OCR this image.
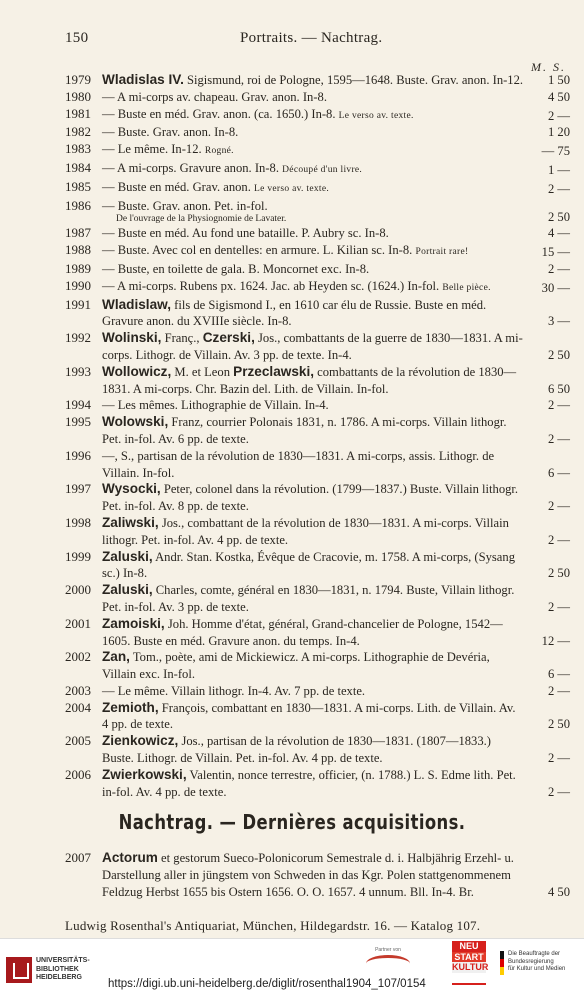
150	Portraits. — Nachtrag.
M. S.
1979 Wladislas IV. Sigismund, roi de Pologne, 1595—1648. Buste. Grav. anon. In-12.	1 50
1980 — A mi-corps av. chapeau. Grav. anon. In-8.	4 50
1981 — Buste en méd. Grav. anon. (ca. 1650.) In-8. Le verso av. texte.	2 —
1982 — Buste. Grav. anon. In-8.	1 20
1983 — Le même. In-12. Rogné.	— 75
1984 — A mi-corps. Gravure anon. In-8. Découpé d'un livre.	1 —
1985 — Buste en méd. Grav. anon. Le verso av. texte.	2 —
1986 — Buste. Grav. anon. Pet. in-fol.
De l'ouvrage de la Physiognomie de Lavater.	2 50
1987 — Buste en méd. Au fond une bataille. P. Aubry sc. In-8.	4 —
1988 — Buste. Avec col en dentelles: en armure. L. Kilian sc. In-8. Portrait rare!	15 —
1989 — Buste, en toilette de gala. B. Moncornet exc. In-8.	2 —
1990 — A mi-corps. Rubens px. 1624. Jac. ab Heyden sc. (1624.) In-fol. Belle pièce.	30 —
1991 Wladislaw, fils de Sigismond I., en 1610 car élu de Russie. Buste en méd. Gravure anon. du XVIIIe siècle. In-8.	3 —
1992 Wolinski, Franç., Czerski, Jos., combattants de la guerre de 1830—1831. A mi-corps. Lithogr. de Villain. Av. 3 pp. de texte. In-4.	2 50
1993 Wollowicz, M. et Leon Przeclawski, combattants de la révolution de 1830—1831. A mi-corps. Chr. Bazin del. Lith. de Villain. In-fol.	6 50
1994 — Les mêmes. Lithographie de Villain. In-4.	2 —
1995 Wolowski, Franz, courrier Polonais 1831, n. 1786. A mi-corps. Villain lithogr. Pet. in-fol. Av. 6 pp. de texte.	2 —
1996 —, S., partisan de la révolution de 1830—1831. A mi-corps, assis. Lithogr. de Villain. In-fol.	6 —
1997 Wysocki, Peter, colonel dans la révolution. (1799—1837.) Buste. Villain lithogr. Pet. in-fol. Av. 8 pp. de texte.	2 —
1998 Zaliwski, Jos., combattant de la révolution de 1830—1831. A mi-corps. Villain lithogr. Pet. in-fol. Av. 4 pp. de texte.	2 —
1999 Zaluski, Andr. Stan. Kostka, Évêque de Cracovie, m. 1758. A mi-corps, (Sysang sc.) In-8.	2 50
2000 Zaluski, Charles, comte, général en 1830—1831, n. 1794. Buste, Villain lithogr. Pet. in-fol. Av. 3 pp. de texte.	2 —
2001 Zamoiski, Joh. Homme d'état, général, Grand-chancelier de Pologne, 1542—1605. Buste en méd. Gravure anon. du temps. In-4.	12 —
2002 Zan, Tom., poète, ami de Mickiewicz. A mi-corps. Lithographie de Devéria, Villain exc. In-fol.	6 —
2003 — Le même. Villain lithogr. In-4. Av. 7 pp. de texte.	2 —
2004 Zemioth, François, combattant en 1830—1831. A mi-corps. Lith. de Villain. Av. 4 pp. de texte.	2 50
2005 Zienkowicz, Jos., partisan de la révolution de 1830—1831. (1807—1833.) Buste. Lithogr. de Villain. Pet. in-fol. Av. 4 pp. de texte.	2 —
2006 Zwierkowski, Valentin, nonce terrestre, officier, (n. 1788.) L. S. Edme lith. Pet. in-fol. Av. 4 pp. de texte.	2 —
Nachtrag. — Dernières acquisitions.
2007 Actorum et gestorum Sueco-Polonicorum Semestrale d. i. Halbjährig Erzehl- u. Darstellung aller in jüngstem von Schweden in das Kgr. Polen stattgenommenem Feldzug Herbst 1655 bis Ostern 1656. O. O. 1657. 4 unnum. Bll. In-4. Br.	4 50
Ludwig Rosenthal's Antiquariat, München, Hildegardstr. 16. — Katalog 107.
UNIVERSITÄTS-
BIBLIOTHEK
HEIDELBERG
https://digi.ub.uni-heidelberg.de/diglit/rosenthal1904_107/0154
Partner von	NEU
START
KULTUR

Die Beauftragte der Bundesregierung
für Kultur und Medien
